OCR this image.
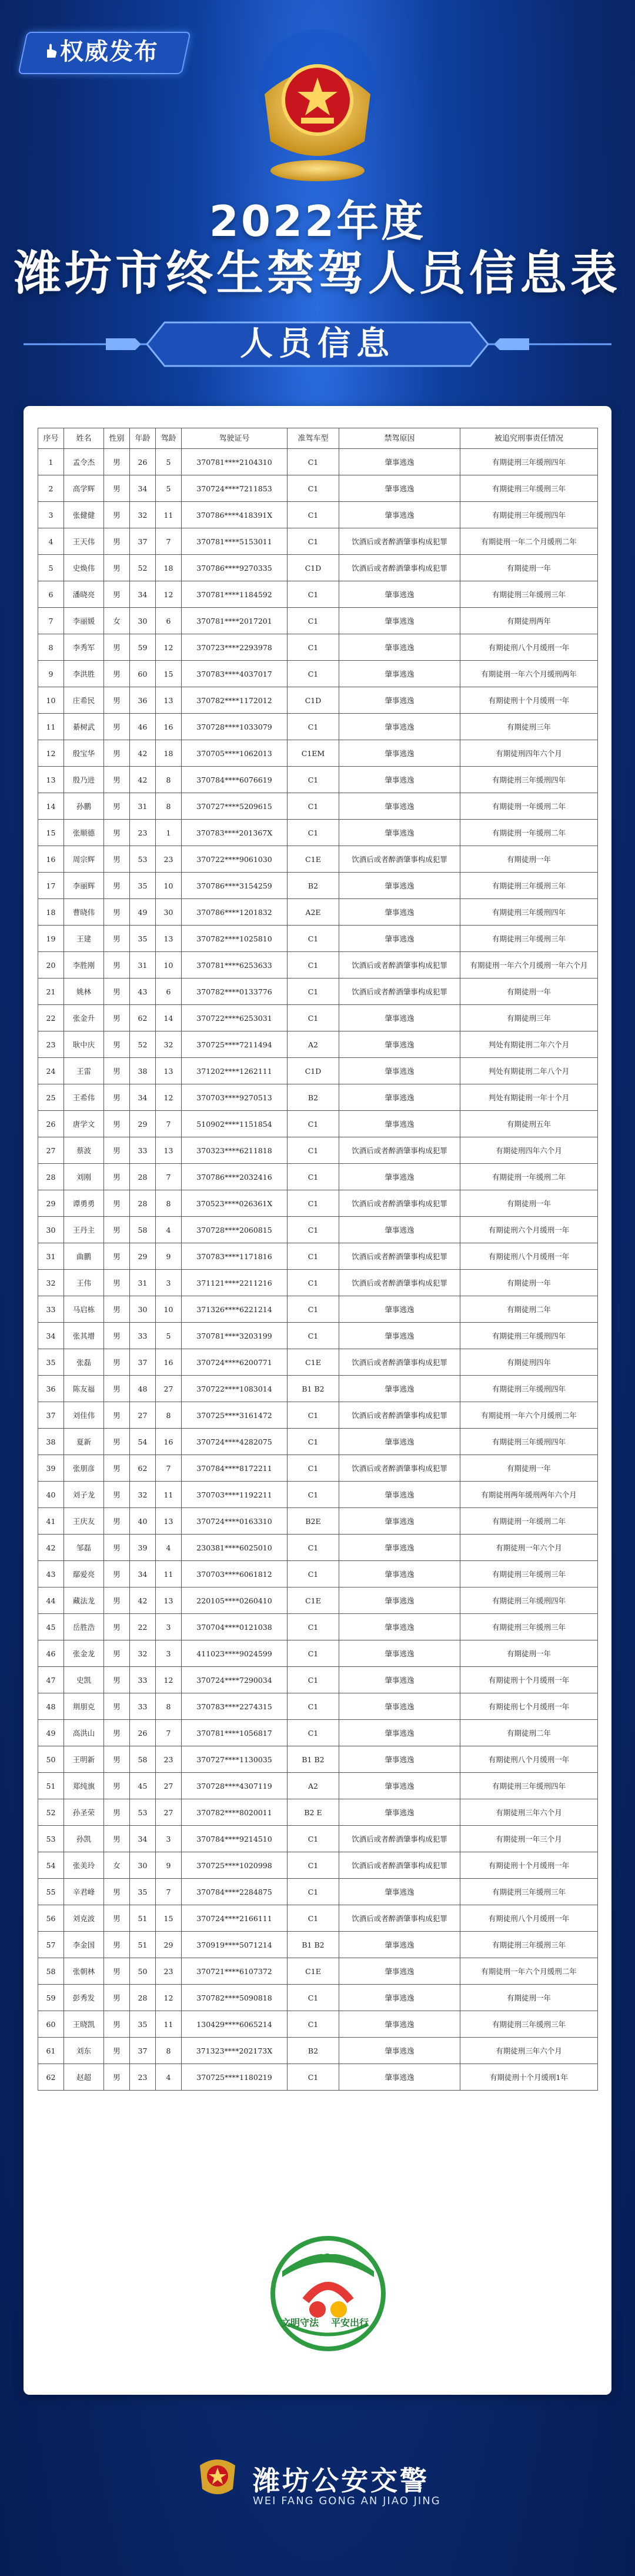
权威发布
2022年度
潍坊市终生禁驾人员信息表
人员信息
序号	姓名	性别	年龄	驾龄	驾驶证号	准驾车型	禁驾原因	被追究刑事责任情况
1	孟令杰	男	26	5	370781****2104310	C1	肇事逃逸	有期徒刑三年缓刑四年
2	高学辉	男	34	5	370724****7211853	C1	肇事逃逸	有期徒刑三年缓刑三年
3	张健健	男	32	11	370786****418391X	C1	肇事逃逸	有期徒刑三年缓刑四年
4	王天伟	男	37	7	370781****5153011	C1	饮酒后或者醉酒肇事构成犯罪	有期徒刑一年二个月缓刑二年
5	史焕伟	男	52	18	370786****9270335	C1D	饮酒后或者醉酒肇事构成犯罪	有期徒刑一年
6	潘晓亮	男	34	12	370781****1184592	C1	肇事逃逸	有期徒刑三年缓刑三年
7	李丽媛	女	30	6	370781****2017201	C1	肇事逃逸	有期徒刑两年
8	李秀军	男	59	12	370723****2293978	C1	肇事逃逸	有期徒刑八个月缓刑一年
9	李洪胜	男	60	15	370783****4037017	C1	肇事逃逸	有期徒刑一年六个月缓刑两年
10	庄希民	男	36	13	370782****1172012	C1D	肇事逃逸	有期徒刑十个月缓刑一年
11	綦树武	男	46	16	370728****1033079	C1	肇事逃逸	有期徒刑三年
12	殷宝华	男	42	18	370705****1062013	C1EM	肇事逃逸	有期徒刑四年六个月
13	殷乃进	男	42	8	370784****6076619	C1	肇事逃逸	有期徒刑三年缓刑四年
14	孙鹏	男	31	8	370727****5209615	C1	肇事逃逸	有期徒刑一年缓刑二年
15	张顺德	男	23	1	370783****201367X	C1	肇事逃逸	有期徒刑一年缓刑二年
16	周宗辉	男	53	23	370722****9061030	C1E	饮酒后或者醉酒肇事构成犯罪	有期徒刑一年
17	李丽辉	男	35	10	370786****3154259	B2	肇事逃逸	有期徒刑三年缓刑三年
18	曹晓伟	男	49	30	370786****1201832	A2E	肇事逃逸	有期徒刑三年缓刑四年
19	王建	男	35	13	370782****1025810	C1	肇事逃逸	有期徒刑三年缓刑三年
20	李胜刚	男	31	10	370781****6253633	C1	饮酒后或者醉酒肇事构成犯罪	有期徒刑一年六个月缓刑一年六个月
21	姚林	男	43	6	370782****0133776	C1	饮酒后或者醉酒肇事构成犯罪	有期徒刑一年
22	张金升	男	62	14	370722****6253031	C1	肇事逃逸	有期徒刑三年
23	耿中庆	男	52	32	370725****7211494	A2	肇事逃逸	判处有期徒刑二年六个月
24	王雷	男	38	13	371202****1262111	C1D	肇事逃逸	判处有期徒刑二年八个月
25	王希伟	男	34	12	370703****9270513	B2	肇事逃逸	判处有期徒刑一年十个月
26	唐学文	男	29	7	510902****1151854	C1	肇事逃逸	有期徒刑五年
27	蔡波	男	33	13	370323****6211818	C1	饮酒后或者醉酒肇事构成犯罪	有期徒刑四年六个月
28	刘刚	男	28	7	370786****2032416	C1	肇事逃逸	有期徒刑一年缓刑二年
29	谭勇勇	男	28	8	370523****026361X	C1	饮酒后或者醉酒肇事构成犯罪	有期徒刑一年
30	王丹主	男	58	4	370728****2060815	C1	肇事逃逸	有期徒刑六个月缓刑一年
31	曲鹏	男	29	9	370783****1171816	C1	饮酒后或者醉酒肇事构成犯罪	有期徒刑八个月缓刑一年
32	王伟	男	31	3	371121****2211216	C1	饮酒后或者醉酒肇事构成犯罪	有期徒刑一年
33	马启栋	男	30	10	371326****6221214	C1	肇事逃逸	有期徒刑二年
34	张其增	男	33	5	370781****3203199	C1	肇事逃逸	有期徒刑三年缓刑四年
35	张磊	男	37	16	370724****6200771	C1E	饮酒后或者醉酒肇事构成犯罪	有期徒刑四年
36	陈友福	男	48	27	370722****1083014	B1 B2	肇事逃逸	有期徒刑三年缓刑四年
37	刘佳伟	男	27	8	370725****3161472	C1	饮酒后或者醉酒肇事构成犯罪	有期徒刑一年六个月缓刑二年
38	夏新	男	54	16	370724****4282075	C1	肇事逃逸	有期徒刑三年缓刑四年
39	张朋彦	男	62	7	370784****8172211	C1	饮酒后或者醉酒肇事构成犯罪	有期徒刑一年
40	刘子龙	男	32	11	370703****1192211	C1	肇事逃逸	有期徒刑两年缓刑两年六个月
41	王庆友	男	40	13	370724****0163310	B2E	肇事逃逸	有期徒刑一年缓刑二年
42	邹磊	男	39	4	230381****6025010	C1	肇事逃逸	有期徒刑一年六个月
43	鄢爱亮	男	34	11	370703****6061812	C1	肇事逃逸	有期徒刑三年缓刑三年
44	藏法龙	男	42	13	220105****0260410	C1E	肇事逃逸	有期徒刑三年缓刑四年
45	岳胜浩	男	22	3	370704****0121038	C1	肇事逃逸	有期徒刑三年缓刑三年
46	张金龙	男	32	3	411023****9024599	C1	肇事逃逸	有期徒刑一年
47	史凯	男	33	12	370724****7290034	C1	肇事逃逸	有期徒刑十个月缓刑一年
48	荆朋克	男	33	8	370783****2274315	C1	肇事逃逸	有期徒刑七个月缓刑一年
49	高洪山	男	26	7	370781****1056817	C1	肇事逃逸	有期徒刑二年
50	王明新	男	58	23	370727****1130035	B1 B2	肇事逃逸	有期徒刑八个月缓刑一年
51	郑纯旗	男	45	27	370728****4307119	A2	肇事逃逸	有期徒刑三年缓刑四年
52	孙圣荣	男	53	27	370782****8020011	B2 E	肇事逃逸	有期徒刑三年六个月
53	孙凯	男	34	3	370784****9214510	C1	饮酒后或者醉酒肇事构成犯罪	有期徒刑一年三个月
54	张美玲	女	30	9	370725****1020998	C1	饮酒后或者醉酒肇事构成犯罪	有期徒刑十个月缓刑一年
55	辛君峰	男	35	7	370784****2284875	C1	肇事逃逸	有期徒刑三年缓刑三年
56	刘克波	男	51	15	370724****2166111	C1	饮酒后或者醉酒肇事构成犯罪	有期徒刑八个月缓刑一年
57	李金国	男	51	29	370919****5071214	B1 B2	肇事逃逸	有期徒刑三年缓刑三年
58	张朝林	男	50	23	370721****6107372	C1E	肇事逃逸	有期徒刑一年六个月缓刑二年
59	彭秀发	男	28	12	370782****5090818	C1	肇事逃逸	有期徒刑一年
60	王晓凯	男	35	11	130429****6065214	C1	肇事逃逸	有期徒刑三年缓刑三年
61	刘东	男	37	8	371323****202173X	B2	肇事逃逸	有期徒刑三年六个月
62	赵超	男	23	4	370725****1180219	C1	肇事逃逸	有期徒刑十个月缓刑1年
2022
文明守法	平安出行
潍坊公安交警
WEI FANG GONG AN JIAO JING
